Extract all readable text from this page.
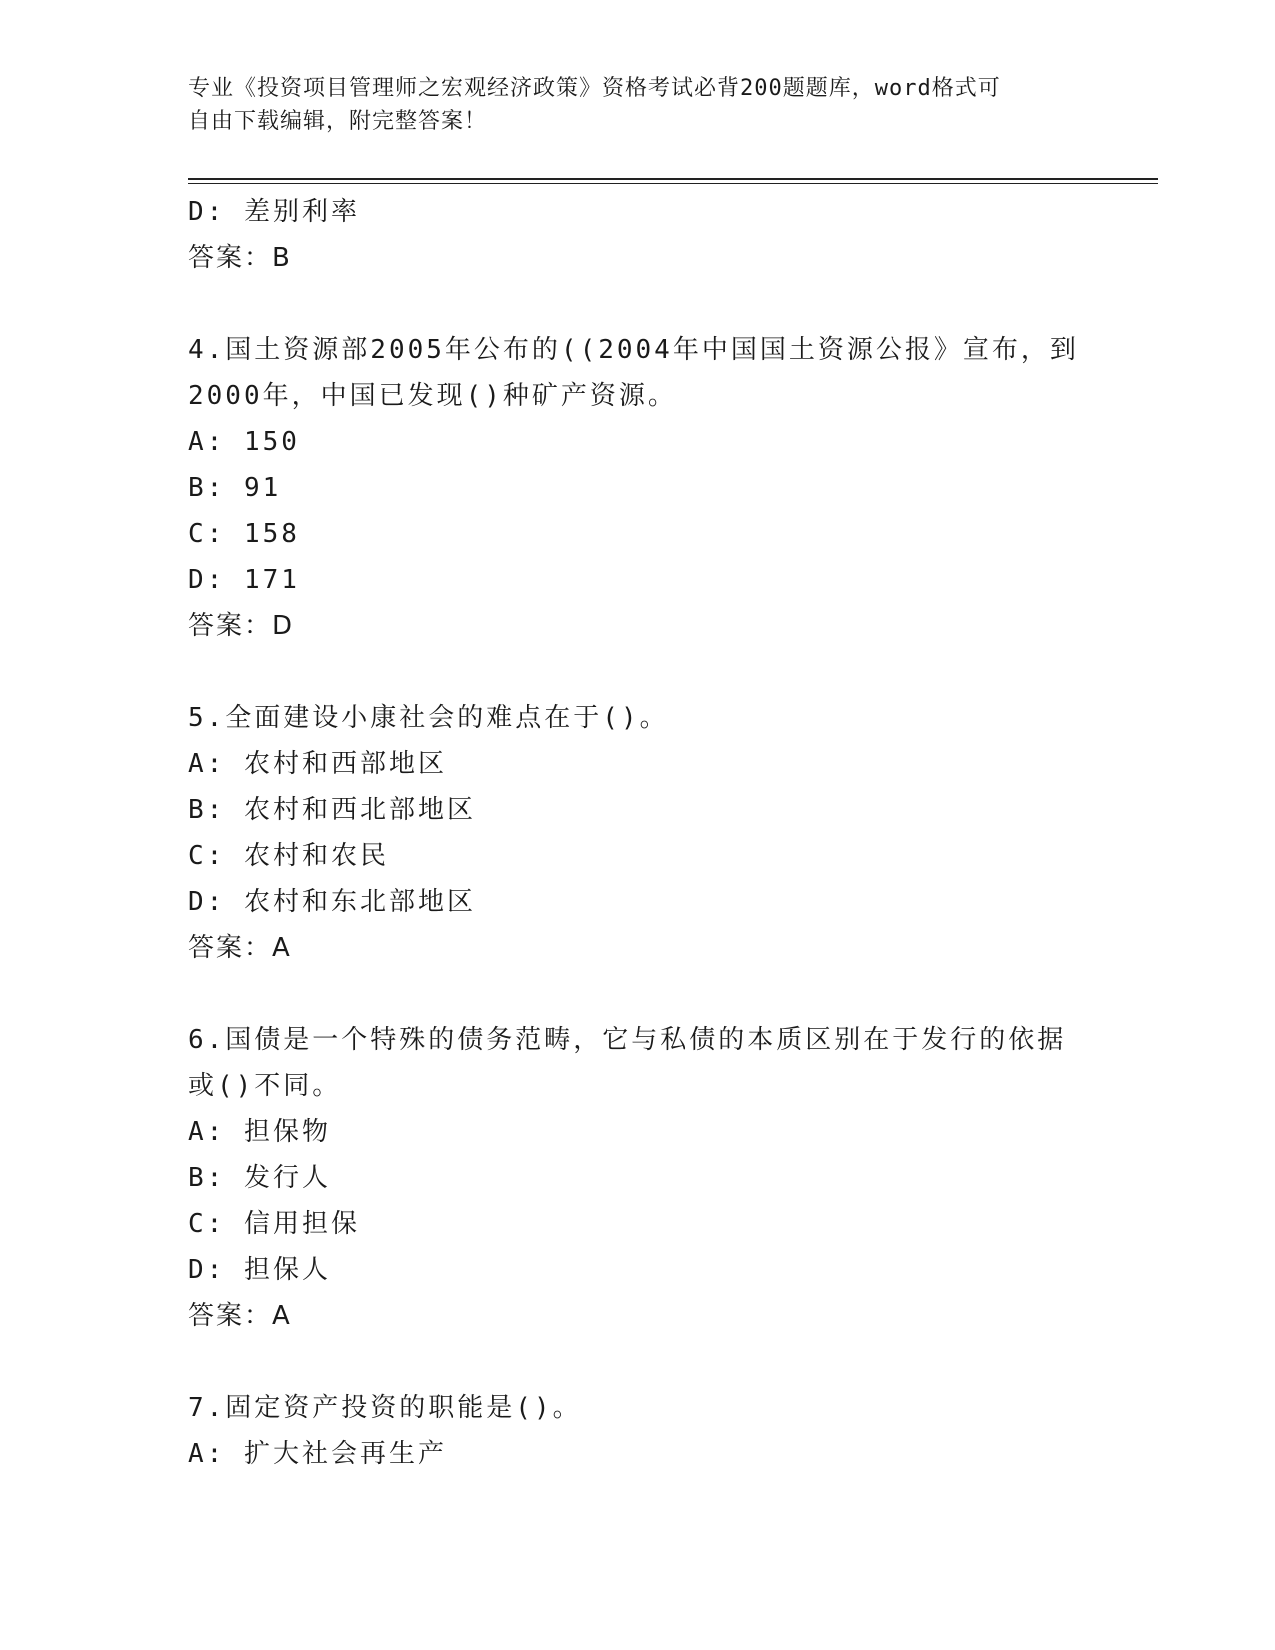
专业《投资项目管理师之宏观经济政策》资格考试必背200题题库，word格式可
自由下载编辑，附完整答案！
D: 差别利率
答案：B
4.国土资源部2005年公布的((2004年中国国土资源公报》宣布，到
2000年，中国已发现()种矿产资源。
A: 150
B: 91
C: 158
D: 171
答案：D
5.全面建设小康社会的难点在于()。
A: 农村和西部地区
B: 农村和西北部地区
C: 农村和农民
D: 农村和东北部地区
答案：A
6.国债是一个特殊的债务范畴，它与私债的本质区别在于发行的依据
或()不同。
A: 担保物
B: 发行人
C: 信用担保
D: 担保人
答案：A
7.固定资产投资的职能是()。
A: 扩大社会再生产
